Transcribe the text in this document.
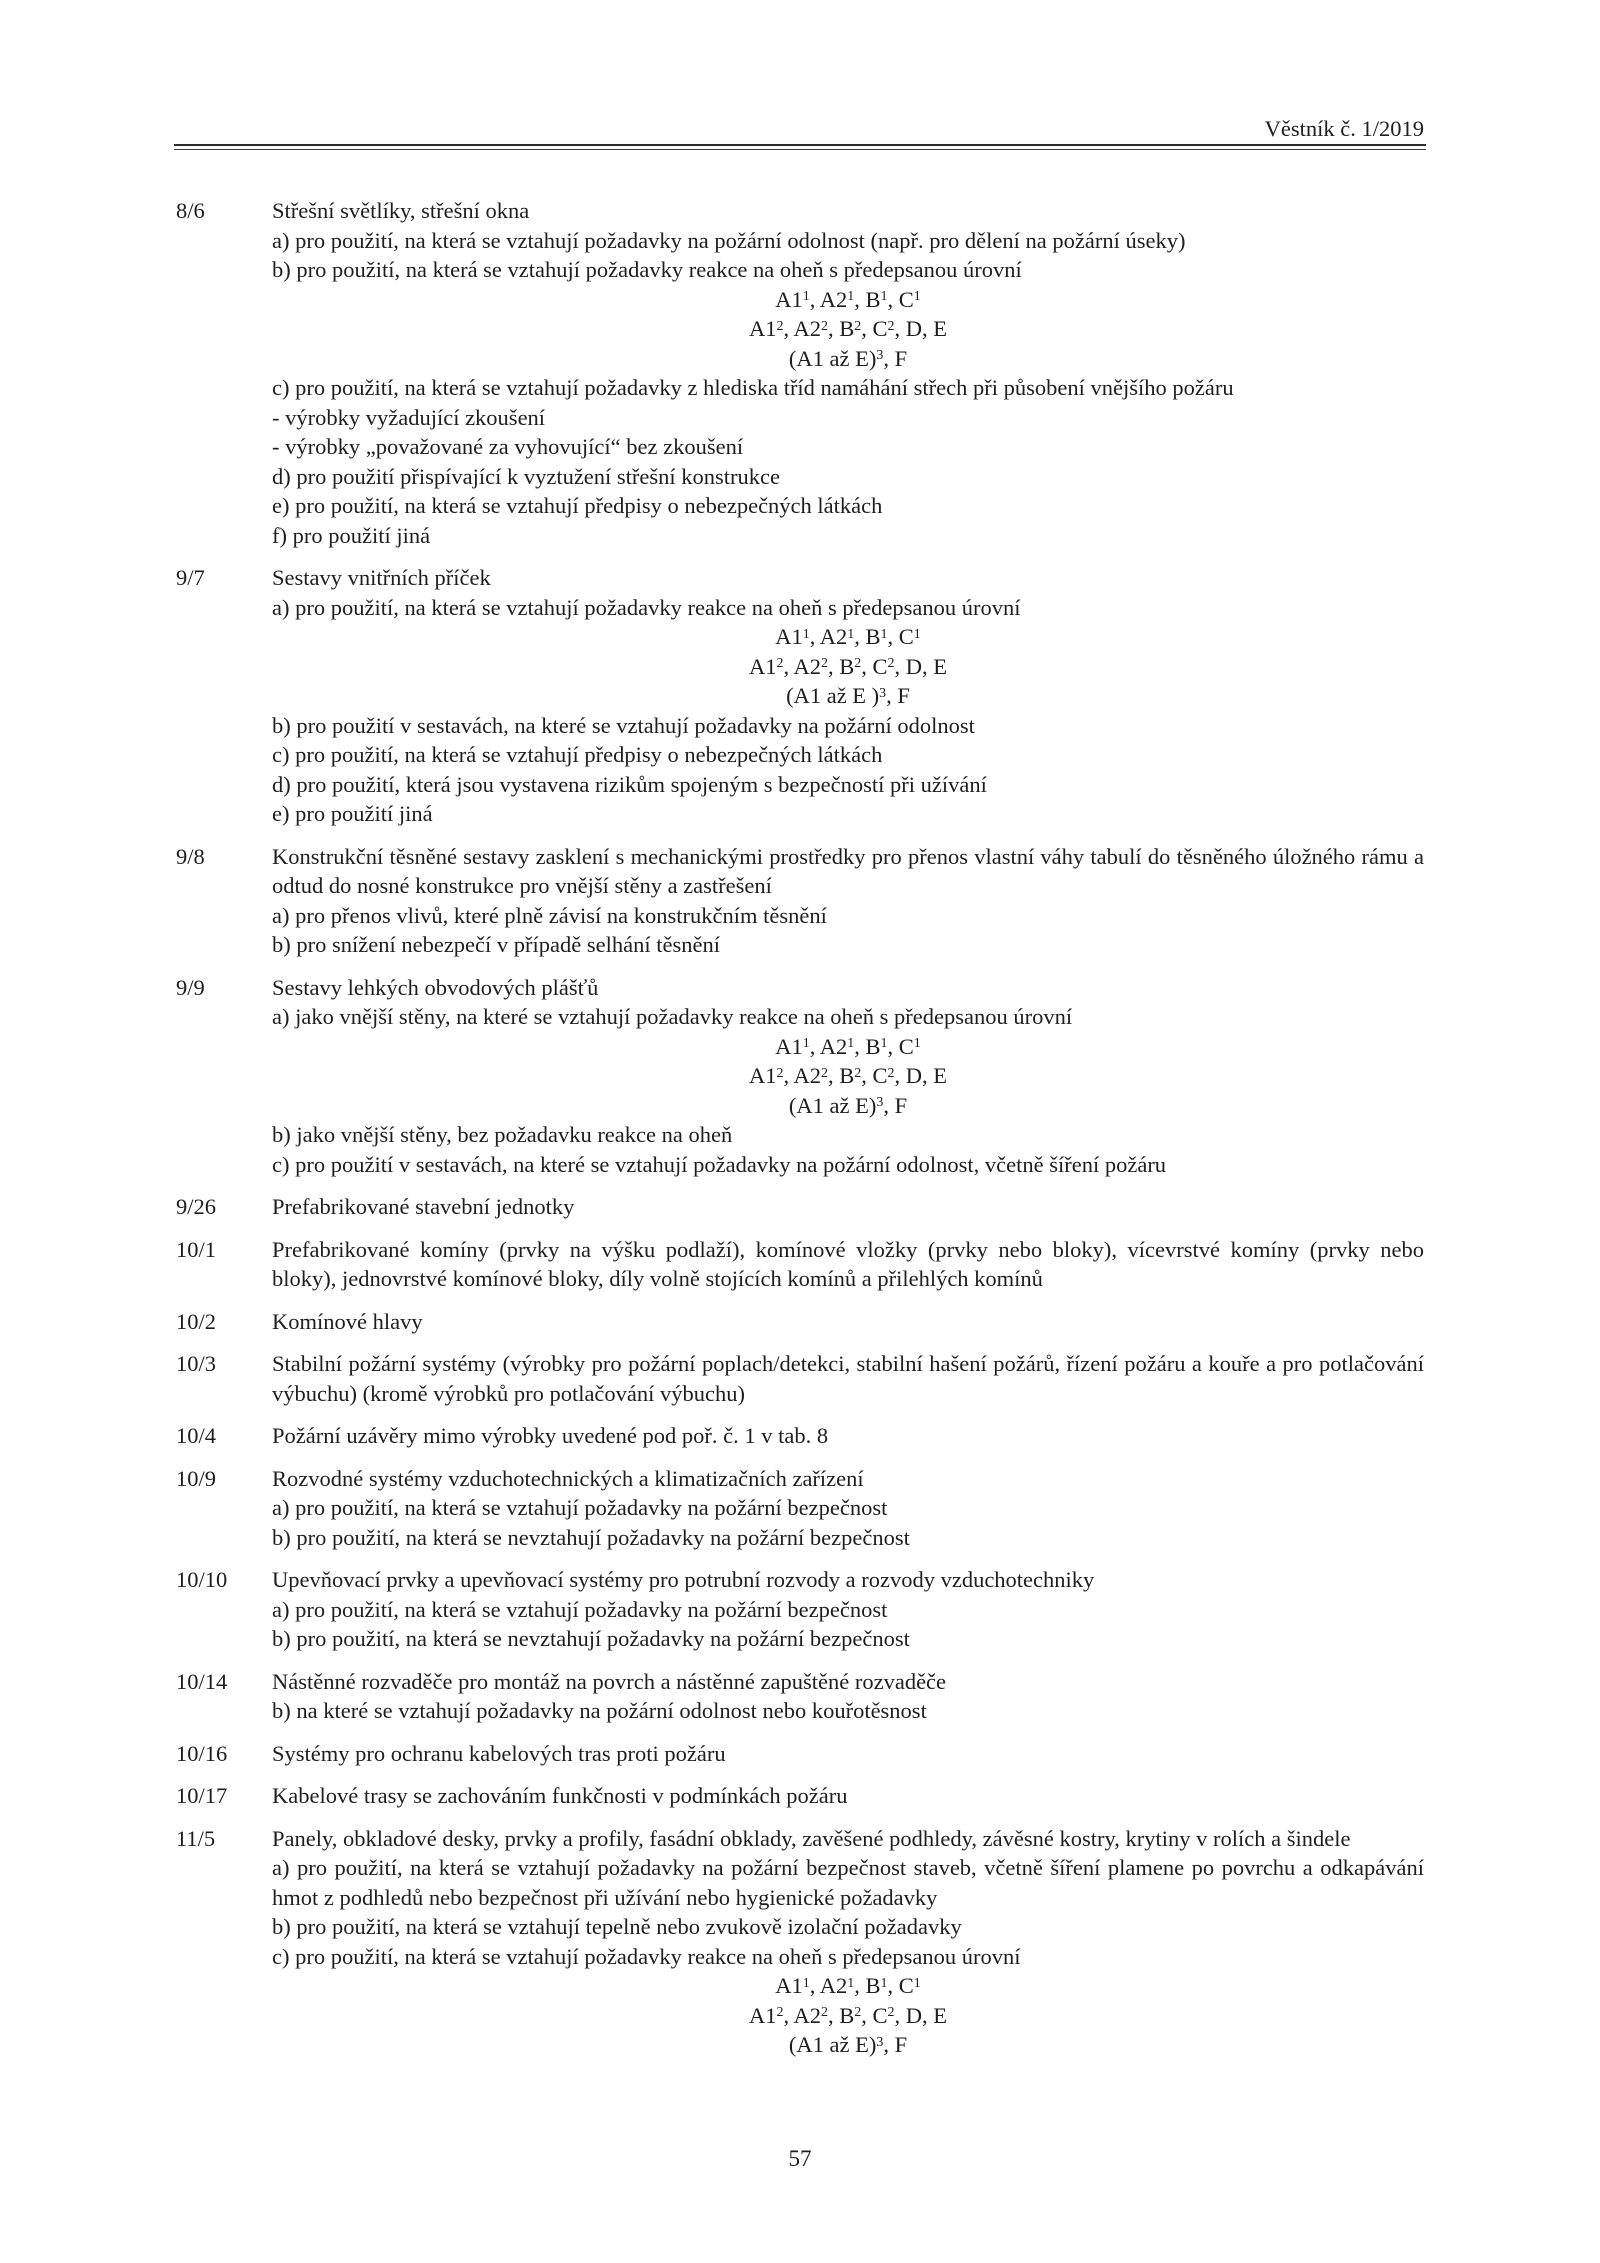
Věstník č. 1/2019
8/6	Střešní světlíky, střešní okna
a) pro použití, na která se vztahují požadavky na požární odolnost (např. pro dělení na požární úseky)
b) pro použití, na která se vztahují požadavky reakce na oheň s předepsanou úrovní
$A1^1$, $A2^1$, $B^1$, $C^1$
$A1^2$, $A2^2$, $B^2$, $C^2$, D, E
(A1 až E)$^3$, F
c) pro použití, na která se vztahují požadavky z hlediska tříd namáhání střech při působení vnějšího požáru
- výrobky vyžadující zkoušení
- výrobky „považované za vyhovující“ bez zkoušení
d) pro použití přispívající k vyztužení střešní konstrukce
e) pro použití, na která se vztahují předpisy o nebezpečných látkách
f) pro použití jiná
9/7	Sestavy vnitřních příček
a) pro použití, na která se vztahují požadavky reakce na oheň s předepsanou úrovní
$A1^1$, $A2^1$, $B^1$, $C^1$
$A1^2$, $A2^2$, $B^2$, $C^2$, D, E
(A1 až E )$^3$, F
b) pro použití v sestavách, na které se vztahují požadavky na požární odolnost
c) pro použití, na která se vztahují předpisy o nebezpečných látkách
d) pro použití, která jsou vystavena rizikům spojeným s bezpečností při užívání
e) pro použití jiná
9/8	Konstrukční těsněné sestavy zasklení s mechanickými prostředky pro přenos vlastní váhy tabulí do těsněného úložného rámu a odtud do nosné konstrukce pro vnější stěny a zastřešení
a) pro přenos vlivů, které plně závisí na konstrukčním těsnění
b) pro snížení nebezpečí v případě selhání těsnění
9/9	Sestavy lehkých obvodových plášťů
a) jako vnější stěny, na které se vztahují požadavky reakce na oheň s předepsanou úrovní
$A1^1$, $A2^1$, $B^1$, $C^1$
$A1^2$, $A2^2$, $B^2$, $C^2$, D, E
(A1 až E)$^3$, F
b) jako vnější stěny, bez požadavku reakce na oheň
c) pro použití v sestavách, na které se vztahují požadavky na požární odolnost, včetně šíření požáru
9/26	Prefabrikované stavební jednotky
10/1	Prefabrikované komíny (prvky na výšku podlaží), komínové vložky (prvky nebo bloky), vícevrstvé komíny (prvky nebo bloky), jednovrstvé komínové bloky, díly volně stojících komínů a přilehlých komínů
10/2	Komínové hlavy
10/3	Stabilní požární systémy (výrobky pro požární poplach/detekci, stabilní hašení požárů, řízení požáru a kouře a pro potlačování výbuchu) (kromě výrobků pro potlačování výbuchu)
10/4	Požární uzávěry mimo výrobky uvedené pod poř. č. 1 v tab. 8
10/9	Rozvodné systémy vzduchotechnických a klimatizačních zařízení
a) pro použití, na která se vztahují požadavky na požární bezpečnost
b) pro použití, na která se nevztahují požadavky na požární bezpečnost
10/10	Upevňovací prvky a upevňovací systémy pro potrubní rozvody a rozvody vzduchotechniky
a) pro použití, na která se vztahují požadavky na požární bezpečnost
b) pro použití, na která se nevztahují požadavky na požární bezpečnost
10/14	Nástěnné rozvaděče pro montáž na povrch a nástěnné zapuštěné rozvaděče
b) na které se vztahují požadavky na požární odolnost nebo kouřotěsnost
10/16	Systémy pro ochranu kabelových tras proti požáru
10/17	Kabelové trasy se zachováním funkčnosti v podmínkách požáru
11/5	Panely, obkladové desky, prvky a profily, fasádní obklady, zavěšené podhledy, závěsné kostry, krytiny v rolích a šindele
a) pro použití, na která se vztahují požadavky na požární bezpečnost staveb, včetně šíření plamene po povrchu a odkapávání hmot z podhledů nebo bezpečnost při užívání nebo hygienické požadavky
b) pro použití, na která se vztahují tepelně nebo zvukově izolační požadavky
c) pro použití, na která se vztahují požadavky reakce na oheň s předepsanou úrovní
$A1^1$, $A2^1$, $B^1$, $C^1$
$A1^2$, $A2^2$, $B^2$, $C^2$, D, E
(A1 až E)$^3$, F
57
